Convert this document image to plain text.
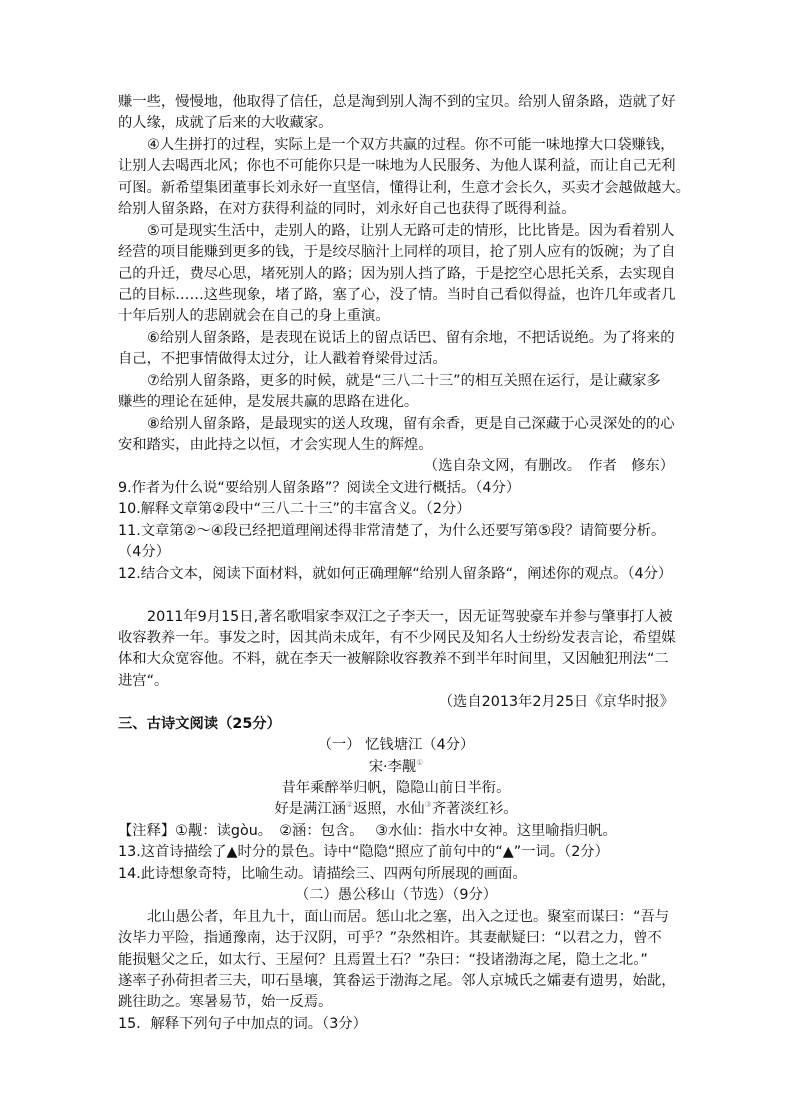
赚一些，慢慢地，他取得了信任，总是淘到别人淘不到的宝贝。给别人留条路，造就了好
的人缘，成就了后来的大收藏家。
④人生拼打的过程，实际上是一个双方共赢的过程。你不可能一味地撑大口袋赚钱，
让别人去喝西北风；你也不可能你只是一味地为人民服务、为他人谋利益，而让自己无利
可图。新希望集团董事长刘永好一直坚信，懂得让利，生意才会长久，买卖才会越做越大。
给别人留条路，在对方获得利益的同时，刘永好自己也获得了既得利益。
⑤可是现实生活中，走别人的路，让别人无路可走的情形，比比皆是。因为看着别人
经营的项目能赚到更多的钱，于是绞尽脑汁上同样的项目，抢了别人应有的饭碗；为了自
己的升迁，费尽心思，堵死别人的路；因为别人挡了路，于是挖空心思托关系，去实现自
己的目标……这些现象，堵了路，塞了心，没了情。当时自己看似得益，也许几年或者几
十年后别人的悲剧就会在自己的身上重演。
⑥给别人留条路，是表现在说话上的留点话巴、留有余地，不把话说绝。为了将来的
自己，不把事情做得太过分，让人戳着脊梁骨过活。
⑦给别人留条路，更多的时候，就是“三八二十三”的相互关照在运行，是让藏家多
赚些的理论在延伸，是发展共赢的思路在进化。
⑧给别人留条路，是最现实的送人玫瑰，留有余香，更是自己深藏于心灵深处的的心
安和踏实，由此持之以恒，才会实现人生的辉煌。
（选自杂文网，有删改。　作者　修东）
9.作者为什么说“要给别人留条路”？阅读全文进行概括。（4分）
10.解释文章第②段中“三八二十三”的丰富含义。（2分）
11.文章第②～④段已经把道理阐述得非常清楚了，为什么还要写第⑤段？请简要分析。
（4分）
12.结合文本，阅读下面材料，就如何正确理解“给别人留条路“，阐述你的观点。（4分）
2011年9月15日,著名歌唱家李双江之子李天一，因无证驾驶豪车并参与肇事打人被
收容教养一年。事发之时，因其尚未成年，有不少网民及知名人士纷纷发表言论，希望媒
体和大众宽容他。不料，就在李天一被解除收容教养不到半年时间里，又因触犯刑法“二
进宫“。
（选自2013年2月25日《京华时报》
三、古诗文阅读（25分）
（一） 忆钱塘江（4分）
宋·李觏①
昔年乘醉举归帆，隐隐山前日半衔。
好是满江涵②返照，水仙③齐著淡红衫。
【注释】①觏：读gòu。　②涵：包含。　 ③水仙：指水中女神。这里喻指归帆。
13.这首诗描绘了▲时分的景色。诗中“隐隐“照应了前句中的“▲”一词。（2分）
14.此诗想象奇特，比喻生动。请描绘三、四两句所展现的画面。
（二）愚公移山（节选）（9分）
北山愚公者，年且九十，面山而居。惩山北之塞，出入之迂也。聚室而谋曰：“吾与
汝毕力平险，指通豫南，达于汉阴，可乎？”杂然相许。其妻献疑曰：“以君之力，曾不
能损魁父之丘，如太行、王屋何？且焉置土石？”杂曰：“投诸渤海之尾，隐土之北。”
遂率子孙荷担者三夫，叩石垦壤，箕畚运于渤海之尾。邻人京城氏之孀妻有遗男，始龀，
跳往助之。寒暑易节，始一反焉。
15．解释下列句子中加点的词。（3分）
